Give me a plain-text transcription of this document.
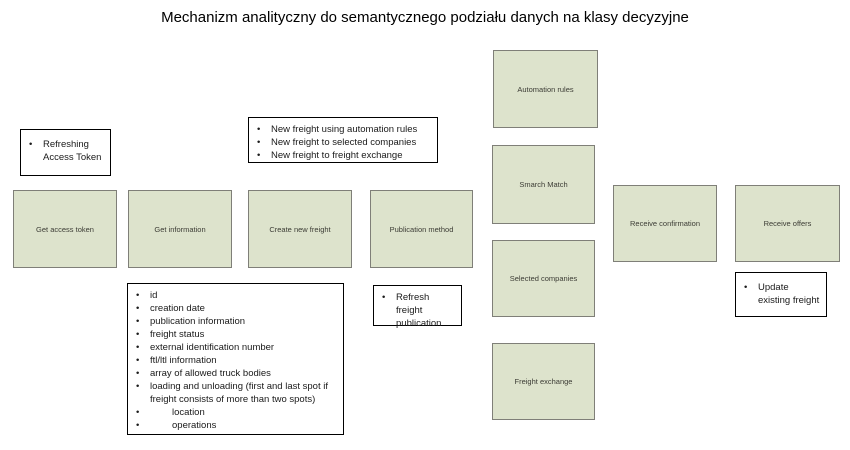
Mechanizm analityczny do semantycznego podziału danych na klasy decyzyjne
• Refreshing Access Token
• New freight using automation rules
• New freight to selected companies
• New freight to freight exchange
Get access token	Get information	Create new freight	Publication method
Automation rules
Smarch Match
Selected companies
Freight exchange
Receive confirmation	Receive offers
• id
• creation date
• publication information
• freight status
• external identification number
• ftl/ltl information
• array of allowed truck bodies
• loading and unloading (first and last spot if freight consists of more than two spots)
• location
• operations
• Refresh freight publication
• Update existing freight
